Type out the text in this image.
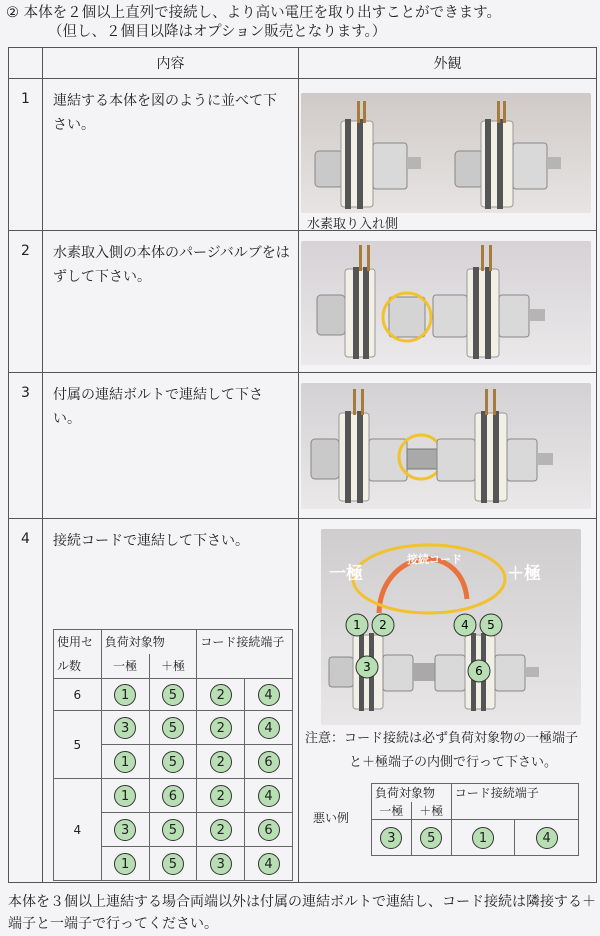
② 本体を２個以上直列で接続し、より高い電圧を取り出すことができます。
（但し、２個目以降はオプション販売となります。）
	内容	外観
1	連結する本体を図のように並べて下さい。	
水素取り入れ側

2	水素取入側の本体のパージバルブをはずして下さい。	

3	付属の連結ボルトで連結して下さい。	

4	接続コードで連結して下さい。
使用セル数	負荷対象物	コード接続端子
一極	＋極	
6	1	5	2	4
5	3	5	2	4
1	5	2	6
4	1	6	2	4
3	5	2	6
1	5	3	4

接続コード
一極	＋極
1 2
3
4 5
6
注意：コード接続は必ず負荷対象物の一極端子
と＋極端子の内側で行って下さい。
悪い例
負荷対象物	コード接続端子
一極	＋極	
3	5	1	4
本体を３個以上連結する場合両端以外は付属の連結ボルトで連結し、コード接続は隣接する＋端子と一端子で行ってください。
